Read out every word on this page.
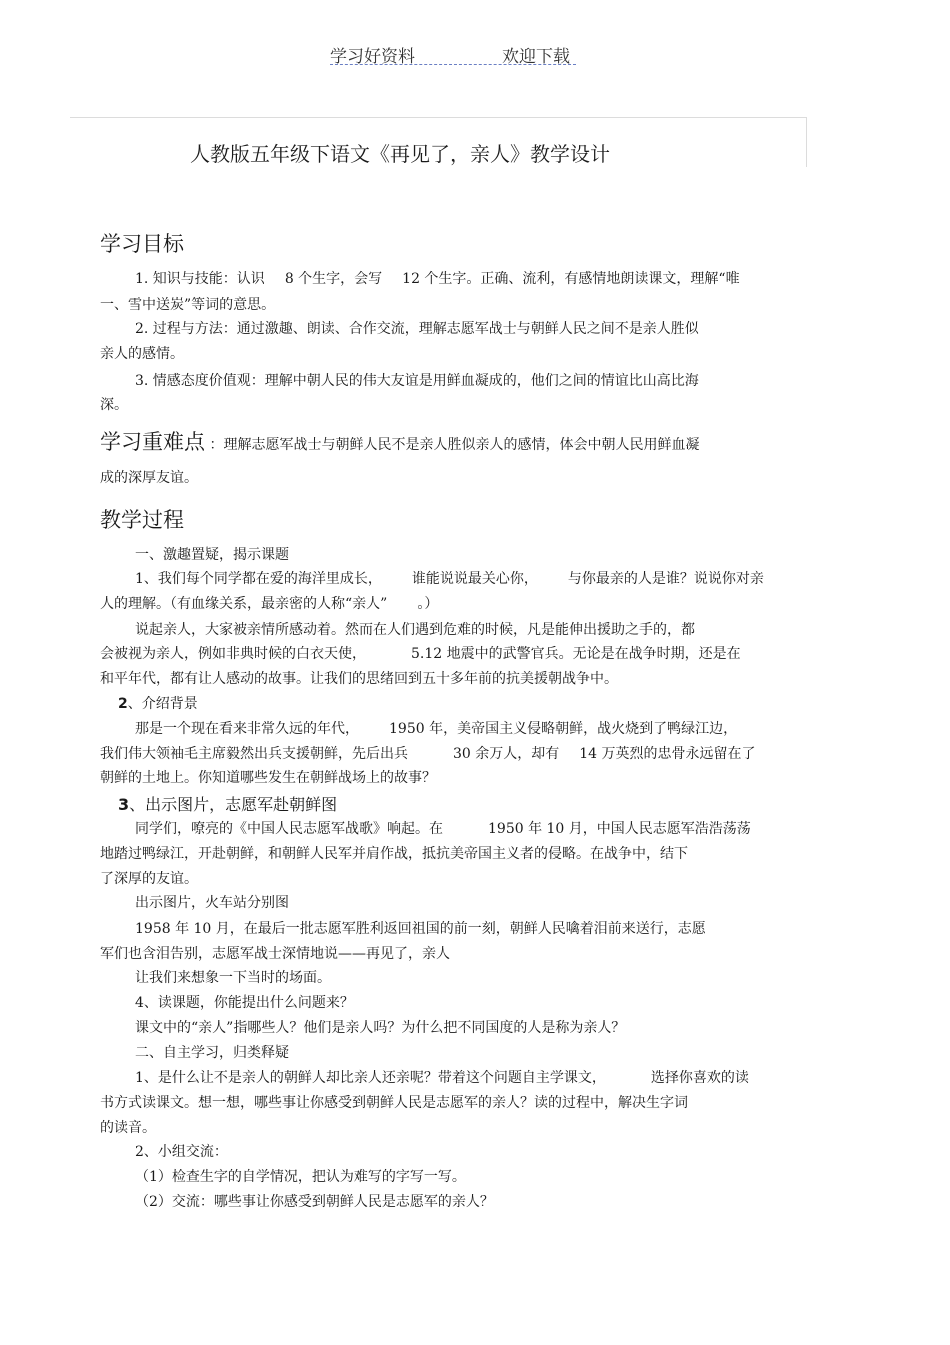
学习好资料	欢迎下载
人教版五年级下语文《再见了，亲人》教学设计
学习目标
1. 知识与技能：认识 8 个生字，会写 12 个生字。正确、流利，有感情地朗读课文，理解“唯
一、雪中送炭”等词的意思。
2. 过程与方法：通过激趣、朗读、合作交流，理解志愿军战士与朝鲜人民之间不是亲人胜似
亲人的感情。
3. 情感态度价值观：理解中朝人民的伟大友谊是用鲜血凝成的，他们之间的情谊比山高比海
深。
学习重难点 ：理解志愿军战士与朝鲜人民不是亲人胜似亲人的感情，体会中朝人民用鲜血凝
成的深厚友谊。
教学过程
一、激趣置疑，揭示课题
1、我们每个同学都在爱的海洋里成长， 谁能说说最关心你， 与你最亲的人是谁？说说你对亲
人的理解。（有血缘关系，最亲密的人称“亲人” 。）
说起亲人，大家被亲情所感动着。然而在人们遇到危难的时候，凡是能伸出援助之手的，都
会被视为亲人，例如非典时候的白衣天使，	5.12 地震中的武警官兵。无论是在战争时期，还是在
和平年代，都有让人感动的故事。让我们的思绪回到五十多年前的抗美援朝战争中。
2、介绍背景
那是一个现在看来非常久远的年代， 1950 年，美帝国主义侵略朝鲜，战火烧到了鸭绿江边，
我们伟大领袖毛主席毅然出兵支援朝鲜，先后出兵	30 余万人，却有 14 万英烈的忠骨永远留在了
朝鲜的土地上。你知道哪些发生在朝鲜战场上的故事？
3、出示图片，志愿军赴朝鲜图
同学们，嘹亮的《中国人民志愿军战歌》响起。在	1950 年 10 月，中国人民志愿军浩浩荡荡
地踏过鸭绿江，开赴朝鲜，和朝鲜人民军并肩作战，抵抗美帝国主义者的侵略。在战争中，结下
了深厚的友谊。
出示图片，火车站分别图
1958 年 10 月，在最后一批志愿军胜利返回祖国的前一刻，朝鲜人民噙着泪前来送行，志愿
军们也含泪告别，志愿军战士深情地说——再见了，亲人
让我们来想象一下当时的场面。
4、读课题，你能提出什么问题来？
课文中的“亲人”指哪些人？他们是亲人吗？为什么把不同国度的人是称为亲人？
二、自主学习，归类释疑
1、是什么让不是亲人的朝鲜人却比亲人还亲呢？带着这个问题自主学课文，	选择你喜欢的读
书方式读课文。想一想，哪些事让你感受到朝鲜人民是志愿军的亲人？读的过程中，解决生字词
的读音。
2、小组交流：
（1）检查生字的自学情况，把认为难写的字写一写。
（2）交流：哪些事让你感受到朝鲜人民是志愿军的亲人？
